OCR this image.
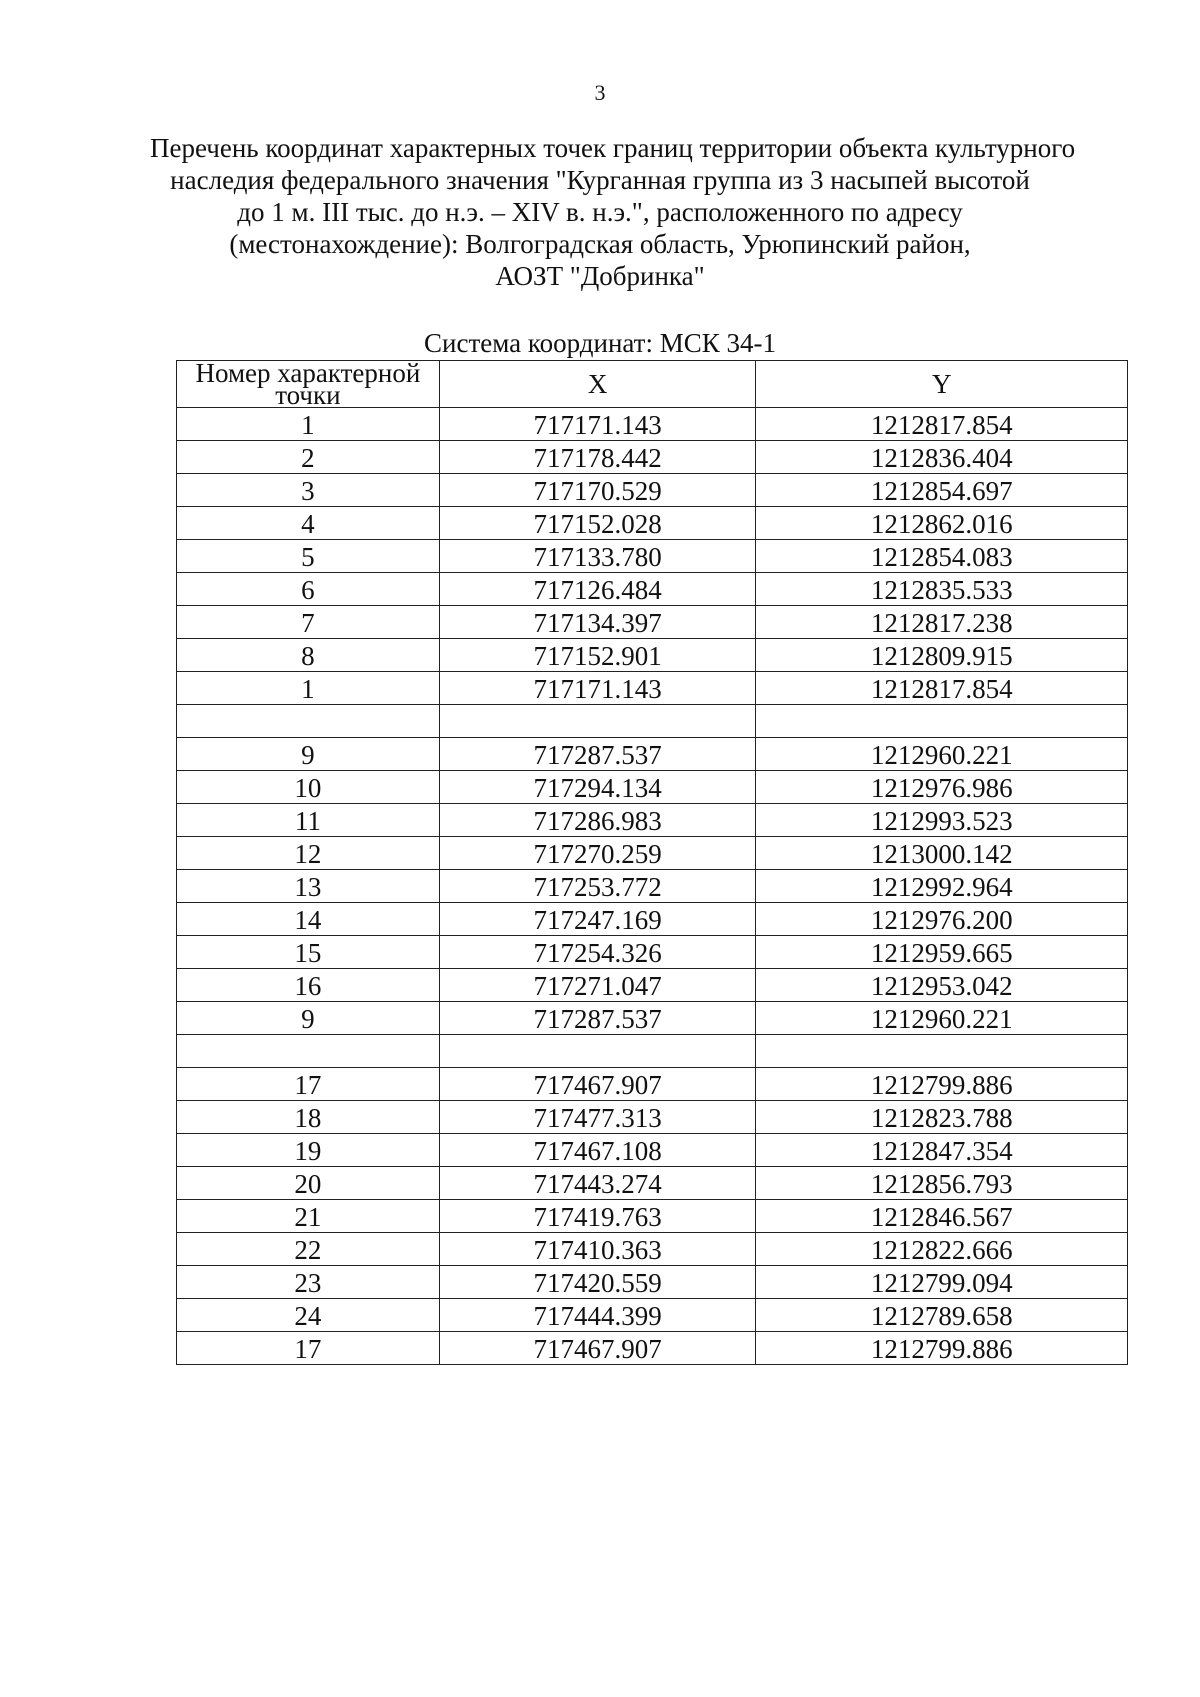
3
Перечень координат характерных точек границ территории объекта культурного
наследия федерального значения "Курганная группа из 3 насыпей высотой
до 1 м. III тыс. до н.э. – XIV в. н.э.", расположенного по адресу
(местонахождение): Волгоградская область, Урюпинский район,
АОЗТ "Добринка"
Система координат: МСК 34-1
Номер характерной
точки	X	Y
1	717171.143	1212817.854
2	717178.442	1212836.404
3	717170.529	1212854.697
4	717152.028	1212862.016
5	717133.780	1212854.083
6	717126.484	1212835.533
7	717134.397	1212817.238
8	717152.901	1212809.915
1	717171.143	1212817.854

9	717287.537	1212960.221
10	717294.134	1212976.986
11	717286.983	1212993.523
12	717270.259	1213000.142
13	717253.772	1212992.964
14	717247.169	1212976.200
15	717254.326	1212959.665
16	717271.047	1212953.042
9	717287.537	1212960.221

17	717467.907	1212799.886
18	717477.313	1212823.788
19	717467.108	1212847.354
20	717443.274	1212856.793
21	717419.763	1212846.567
22	717410.363	1212822.666
23	717420.559	1212799.094
24	717444.399	1212789.658
17	717467.907	1212799.886
